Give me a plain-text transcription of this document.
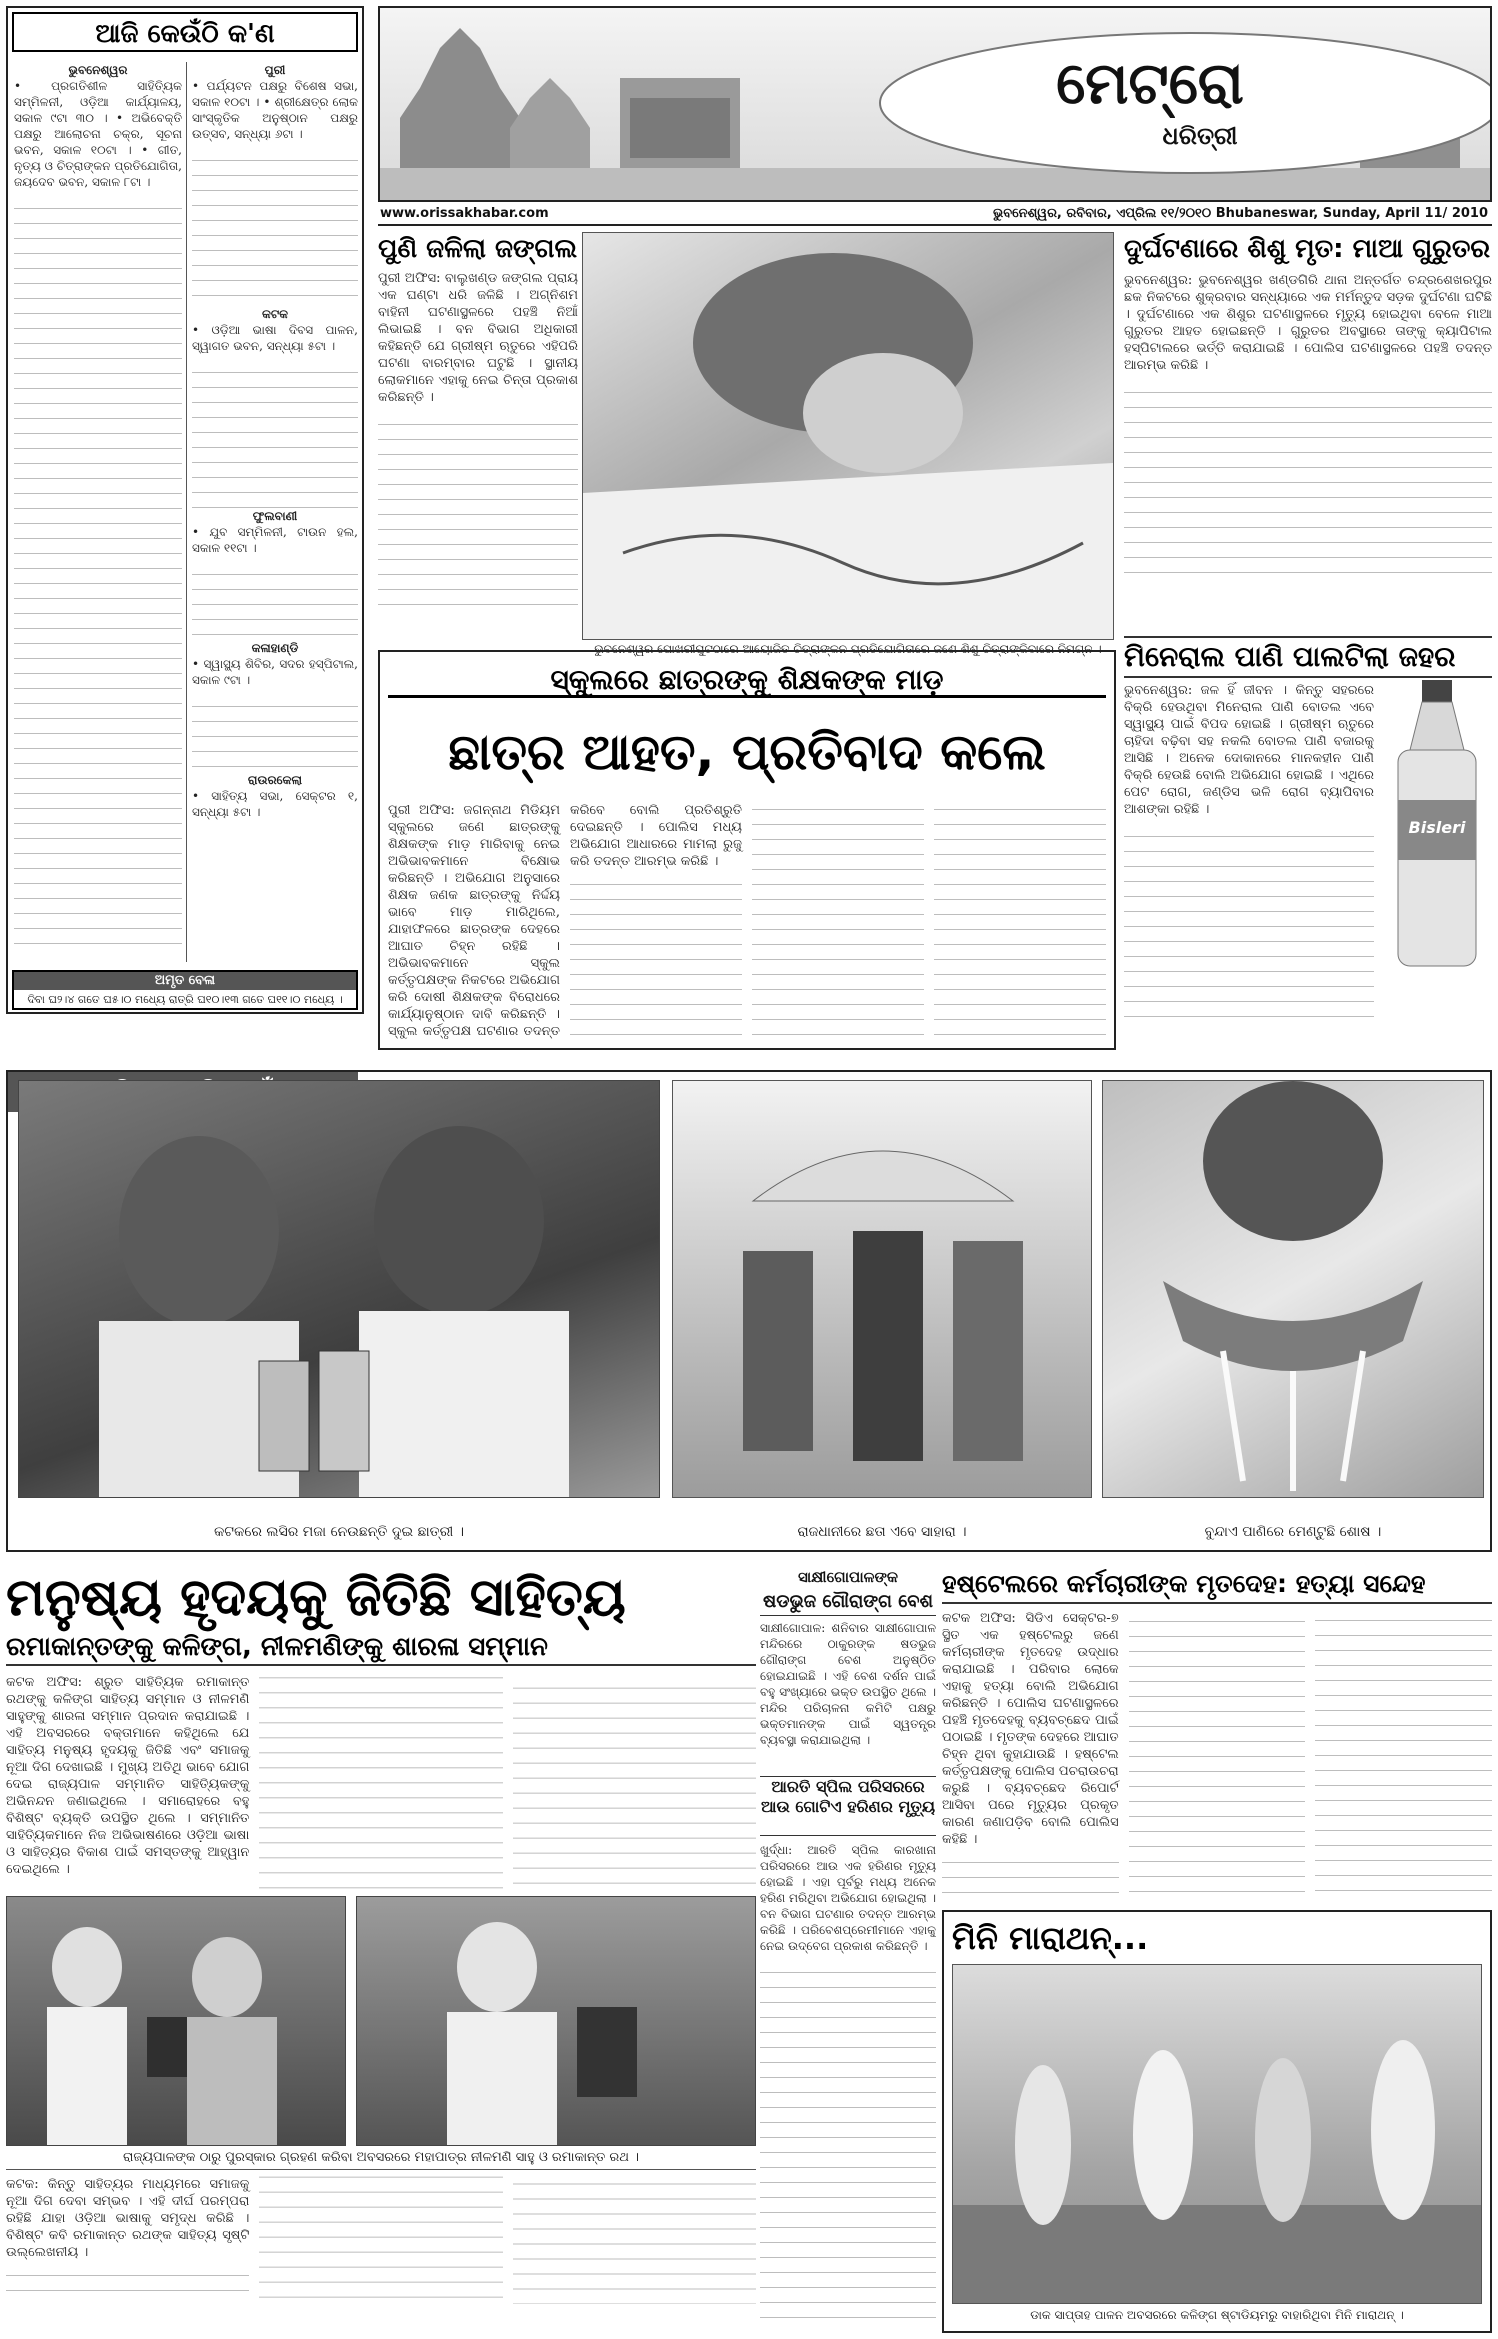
ଆଜି କେଉଁଠି କ'ଣ
ଭୁବନେଶ୍ୱର
• ପ୍ରଗତିଶୀଳ ସାହିତ୍ୟିକ ସମ୍ମିଳନୀ, ଓଡ଼ିଆ କାର୍ଯ୍ୟାଳୟ, ସକାଳ ୯ଟା ୩୦ । • ଅଭିବେକ୍ତି ପକ୍ଷରୁ ଆଲୋଚନା ଚକ୍ର, ସୂଚନା ଭବନ, ସକାଳ ୧୦ଟା । • ଗୀତ, ନୃତ୍ୟ ଓ ଚିତ୍ରାଙ୍କନ ପ୍ରତିଯୋଗିତା, ଜୟଦେବ ଭବନ, ସକାଳ ୮ଟା ।
ପୁରୀ
• ପର୍ଯ୍ୟଟନ ପକ୍ଷରୁ ବିଶେଷ ସଭା, ସକାଳ ୧୦ଟା । • ଶ୍ରୀକ୍ଷେତ୍ର ଲୋକ ସାଂସ୍କୃତିକ ଅନୁଷ୍ଠାନ ପକ୍ଷରୁ ଉତ୍ସବ, ସନ୍ଧ୍ୟା ୬ଟା ।
କଟକ
• ଓଡ଼ିଆ ଭାଷା ଦିବସ ପାଳନ, ସ୍ୱାଗତ ଭବନ, ସନ୍ଧ୍ୟା ୫ଟା ।
ଫୁଲବାଣୀ
• ଯୁବ ସମ୍ମିଳନୀ, ଟାଉନ ହଲ, ସକାଳ ୧୧ଟା ।
କଳାହାଣ୍ଡି
• ସ୍ୱାସ୍ଥ୍ୟ ଶିବିର, ସଦର ହସ୍ପିଟାଲ, ସକାଳ ୯ଟା ।
ରାଉରକେଲା
• ସାହିତ୍ୟ ସଭା, ସେକ୍ଟର ୧, ସନ୍ଧ୍ୟା ୫ଟା ।
ଅମୃତ ବେଳା
ଦିବା ଘ୨।୪ ଗତେ ଘ୫।୦ ମଧ୍ୟେ ରାତ୍ରି ଘ୧୦।୧୩ ଗତେ ଘ୧୧।୦ ମଧ୍ୟେ ।
ମେଟ୍ରୋ
ଧରିତ୍ରୀ
www.orissakhabar.com	ଭୁବନେଶ୍ୱର, ରବିବାର, ଏପ୍ରିଲ ୧୧/୨୦୧୦ Bhubaneswar, Sunday, April 11/ 2010
ପୁଣି ଜଳିଲା ଜଙ୍ଗଲ
ପୁରୀ ଅଫିସ: ବାଲୁଖଣ୍ଡ ଜଙ୍ଗଲ ପ୍ରାୟ ଏକ ଘଣ୍ଟା ଧରି ଜଳିଛି । ଅଗ୍ନିଶମ ବାହିନୀ ଘଟଣାସ୍ଥଳରେ ପହଞ୍ଚି ନିଆଁ ଲିଭାଇଛି । ବନ ବିଭାଗ ଅଧିକାରୀ କହିଛନ୍ତି ଯେ ଗ୍ରୀଷ୍ମ ଋତୁରେ ଏହିପରି ଘଟଣା ବାରମ୍ବାର ଘଟୁଛି । ସ୍ଥାନୀୟ ଲୋକମାନେ ଏହାକୁ ନେଇ ଚିନ୍ତା ପ୍ରକାଶ କରିଛନ୍ତି ।
ଭୁବନେଶ୍ୱର ପୋଖରୀପୁଟଠାରେ ଆୟୋଜିତ ଚିତ୍ରାଙ୍କନ ପ୍ରତିଯୋଗିତାରେ ଜଣେ ଶିଶୁ ଚିତ୍ରାଙ୍କିବାରେ ନିମଗ୍ନ ।
ସ୍କୁଲରେ ଛାତ୍ରଙ୍କୁ ଶିକ୍ଷକଙ୍କ ମାଡ଼
ଛାତ୍ର ଆହତ, ପ୍ରତିବାଦ କଲେ
ପୁରୀ ଅଫିସ: ଜଗନ୍ନାଥ ମିଡିୟମ ସ୍କୁଲରେ ଜଣେ ଛାତ୍ରଙ୍କୁ ଶିକ୍ଷକଙ୍କ ମାଡ଼ ମାରିବାକୁ ନେଇ ଅଭିଭାବକମାନେ ବିକ୍ଷୋଭ କରିଛନ୍ତି । ଅଭିଯୋଗ ଅନୁସାରେ ଶିକ୍ଷକ ଜଣକ ଛାତ୍ରଙ୍କୁ ନିର୍ଦ୍ଦୟ ଭାବେ ମାଡ଼ ମାରିଥିଲେ, ଯାହାଫଳରେ ଛାତ୍ରଙ୍କ ଦେହରେ ଆଘାତ ଚିହ୍ନ ରହିଛି । ଅଭିଭାବକମାନେ ସ୍କୁଲ କର୍ତ୍ତୃପକ୍ଷଙ୍କ ନିକଟରେ ଅଭିଯୋଗ କରି ଦୋଷୀ ଶିକ୍ଷକଙ୍କ ବିରୋଧରେ କାର୍ଯ୍ୟାନୁଷ୍ଠାନ ଦାବି କରିଛନ୍ତି । ସ୍କୁଲ କର୍ତ୍ତୃପକ୍ଷ ଘଟଣାର ତଦନ୍ତ କରିବେ ବୋଲି ପ୍ରତିଶ୍ରୁତି ଦେଇଛନ୍ତି । ପୋଲିସ ମଧ୍ୟ ଅଭିଯୋଗ ଆଧାରରେ ମାମଲା ରୁଜୁ କରି ତଦନ୍ତ ଆରମ୍ଭ କରିଛି ।
ଦୁର୍ଘଟଣାରେ ଶିଶୁ ମୃତ: ମାଆ ଗୁରୁତର
ଭୁବନେଶ୍ୱର: ଭୁବନେଶ୍ୱର ଖଣ୍ଡଗିରି ଥାନା ଅନ୍ତର୍ଗତ ଚନ୍ଦ୍ରଶେଖରପୁର ଛକ ନିକଟରେ ଶୁକ୍ରବାର ସନ୍ଧ୍ୟାରେ ଏକ ମର୍ମନ୍ତୁଦ ସଡ଼କ ଦୁର୍ଘଟଣା ଘଟିଛି । ଦୁର୍ଘଟଣାରେ ଏକ ଶିଶୁର ଘଟଣାସ୍ଥଳରେ ମୃତ୍ୟୁ ହୋଇଥିବା ବେଳେ ମାଆ ଗୁରୁତର ଆହତ ହୋଇଛନ୍ତି । ଗୁରୁତର ଅବସ୍ଥାରେ ତାଙ୍କୁ କ୍ୟାପିଟାଲ ହସ୍ପିଟାଲରେ ଭର୍ତ୍ତି କରାଯାଇଛି । ପୋଲିସ ଘଟଣାସ୍ଥଳରେ ପହଞ୍ଚି ତଦନ୍ତ ଆରମ୍ଭ କରିଛି ।
ମିନେରାଲ ପାଣି ପାଲଟିଲା ଜହର
ଭୁବନେଶ୍ୱର: ଜଳ ହିଁ ଜୀବନ । କିନ୍ତୁ ସହରରେ ବିକ୍ରି ହେଉଥିବା ମିନେରାଲ ପାଣି ବୋତଲ ଏବେ ସ୍ୱାସ୍ଥ୍ୟ ପାଇଁ ବିପଦ ହୋଇଛି । ଗ୍ରୀଷ୍ମ ଋତୁରେ ଚାହିଦା ବଢ଼ିବା ସହ ନକଲି ବୋତଲ ପାଣି ବଜାରକୁ ଆସିଛି । ଅନେକ ଦୋକାନରେ ମାନକହୀନ ପାଣି ବିକ୍ରି ହେଉଛି ବୋଲି ଅଭିଯୋଗ ହୋଇଛି । ଏଥିରେ ପେଟ ରୋଗ, ଜଣ୍ଡିସ ଭଳି ରୋଗ ବ୍ୟାପିବାର ଆଶଙ୍କା ରହିଛି ।
Bisleri
କଟକରେ ଲସିର ମଜା ନେଉଛନ୍ତି ଦୁଇ ଛାତ୍ରୀ ।	ରାଜଧାନୀରେ ଛତା ଏବେ ସାହାରା ।	ବୁନ୍ଦାଏ ପାଣିରେ ମେଣ୍ଟୁଛି ଶୋଷ ।
ମନୁଷ୍ୟ ହୃଦୟକୁ ଜିତିଛି ସାହିତ୍ୟ
ରମାକାନ୍ତଙ୍କୁ କଳିଙ୍ଗ, ନୀଳମଣିଙ୍କୁ ଶାରଳା ସମ୍ମାନ
କଟକ ଅଫିସ: ଶ୍ରୁତ ସାହିତ୍ୟିକ ରମାକାନ୍ତ ରଥଙ୍କୁ କଳିଙ୍ଗ ସାହିତ୍ୟ ସମ୍ମାନ ଓ ନୀଳମଣି ସାହୁଙ୍କୁ ଶାରଳା ସମ୍ମାନ ପ୍ରଦାନ କରାଯାଇଛି । ଏହି ଅବସରରେ ବକ୍ତାମାନେ କହିଥିଲେ ଯେ ସାହିତ୍ୟ ମନୁଷ୍ୟ ହୃଦୟକୁ ଜିତିଛି ଏବଂ ସମାଜକୁ ନୂଆ ଦିଗ ଦେଖାଇଛି । ମୁଖ୍ୟ ଅତିଥି ଭାବେ ଯୋଗ ଦେଇ ରାଜ୍ୟପାଳ ସମ୍ମାନିତ ସାହିତ୍ୟିକଙ୍କୁ ଅଭିନନ୍ଦନ ଜଣାଇଥିଲେ । ସମାରୋହରେ ବହୁ ବିଶିଷ୍ଟ ବ୍ୟକ୍ତି ଉପସ୍ଥିତ ଥିଲେ । ସମ୍ମାନିତ ସାହିତ୍ୟିକମାନେ ନିଜ ଅଭିଭାଷଣରେ ଓଡ଼ିଆ ଭାଷା ଓ ସାହିତ୍ୟର ବିକାଶ ପାଇଁ ସମସ୍ତଙ୍କୁ ଆହ୍ୱାନ ଦେଇଥିଲେ ।
ରାଜ୍ୟପାଳଙ୍କ ଠାରୁ ପୁରସ୍କାର ଗ୍ରହଣ କରିବା ଅବସରରେ ମହାପାତ୍ର ନୀଳମଣି ସାହୁ ଓ ରମାକାନ୍ତ ରଥ ।
କଟକ: କିନ୍ତୁ ସାହିତ୍ୟର ମାଧ୍ୟମରେ ସମାଜକୁ ନୂଆ ଦିଗ ଦେବା ସମ୍ଭବ । ଏହି ଦୀର୍ଘ ପରମ୍ପରା ରହିଛି ଯାହା ଓଡ଼ିଆ ଭାଷାକୁ ସମୃଦ୍ଧ କରିଛି । ବିଶିଷ୍ଟ କବି ରମାକାନ୍ତ ରଥଙ୍କ ସାହିତ୍ୟ ସୃଷ୍ଟି ଉଲ୍ଲେଖନୀୟ ।
ସାକ୍ଷୀଗୋପାଳଙ୍କ
ଷଡଭୁଜ ଗୌରାଙ୍ଗ ବେଶ
ସାକ୍ଷୀଗୋପାଳ: ଶନିବାର ସାକ୍ଷୀଗୋପାଳ ମନ୍ଦିରରେ ଠାକୁରଙ୍କ ଷଡଭୁଜ ଗୌରାଙ୍ଗ ବେଶ ଅନୁଷ୍ଠିତ ହୋଇଯାଇଛି । ଏହି ବେଶ ଦର୍ଶନ ପାଇଁ ବହୁ ସଂଖ୍ୟାରେ ଭକ୍ତ ଉପସ୍ଥିତ ଥିଲେ । ମନ୍ଦିର ପରିଚାଳନା କମିଟି ପକ୍ଷରୁ ଭକ୍ତମାନଙ୍କ ପାଇଁ ସ୍ୱତନ୍ତ୍ର ବ୍ୟବସ୍ଥା କରାଯାଇଥିଲା ।
ଆରତି ସ୍ପିଲ ପରିସରରେ ଆଉ ଗୋଟିଏ ହରିଣର ମୃତ୍ୟୁ
ଖୁର୍ଦ୍ଧା: ଆରତି ସ୍ପିଲ କାରଖାନା ପରିସରରେ ଆଉ ଏକ ହରିଣର ମୃତ୍ୟୁ ହୋଇଛି । ଏହା ପୂର୍ବରୁ ମଧ୍ୟ ଅନେକ ହରିଣ ମରିଥିବା ଅଭିଯୋଗ ହୋଇଥିଲା । ବନ ବିଭାଗ ଘଟଣାର ତଦନ୍ତ ଆରମ୍ଭ କରିଛି । ପରିବେଶପ୍ରେମୀମାନେ ଏହାକୁ ନେଇ ଉଦ୍‌ବେଗ ପ୍ରକାଶ କରିଛନ୍ତି ।
ହଷ୍ଟେଲରେ କର୍ମଚାରୀଙ୍କ ମୃତଦେହ: ହତ୍ୟା ସନ୍ଦେହ
କଟକ ଅଫିସ: ସିଡିଏ ସେକ୍ଟର-୭ ସ୍ଥିତ ଏକ ହଷ୍ଟେଲରୁ ଜଣେ କର୍ମଚାରୀଙ୍କ ମୃତଦେହ ଉଦ୍ଧାର କରାଯାଇଛି । ପରିବାର ଲୋକେ ଏହାକୁ ହତ୍ୟା ବୋଲି ଅଭିଯୋଗ କରିଛନ୍ତି । ପୋଲିସ ଘଟଣାସ୍ଥଳରେ ପହଞ୍ଚି ମୃତଦେହକୁ ବ୍ୟବଚ୍ଛେଦ ପାଇଁ ପଠାଇଛି । ମୃତଙ୍କ ଦେହରେ ଆଘାତ ଚିହ୍ନ ଥିବା କୁହାଯାଉଛି । ହଷ୍ଟେଲ କର୍ତ୍ତୃପକ୍ଷଙ୍କୁ ପୋଲିସ ପଚରାଉଚରା କରୁଛି । ବ୍ୟବଚ୍ଛେଦ ରିପୋର୍ଟ ଆସିବା ପରେ ମୃତ୍ୟୁର ପ୍ରକୃତ କାରଣ ଜଣାପଡ଼ିବ ବୋଲି ପୋଲିସ କହିଛି ।
ମିନି ମାରାଥନ୍...
ଡାକ ସାପ୍ତାହ ପାଳନ ଅବସରରେ କଳିଙ୍ଗ ଷ୍ଟାଡିୟମରୁ ବାହାରିଥିବା ମିନି ମାରାଥନ୍ ।
